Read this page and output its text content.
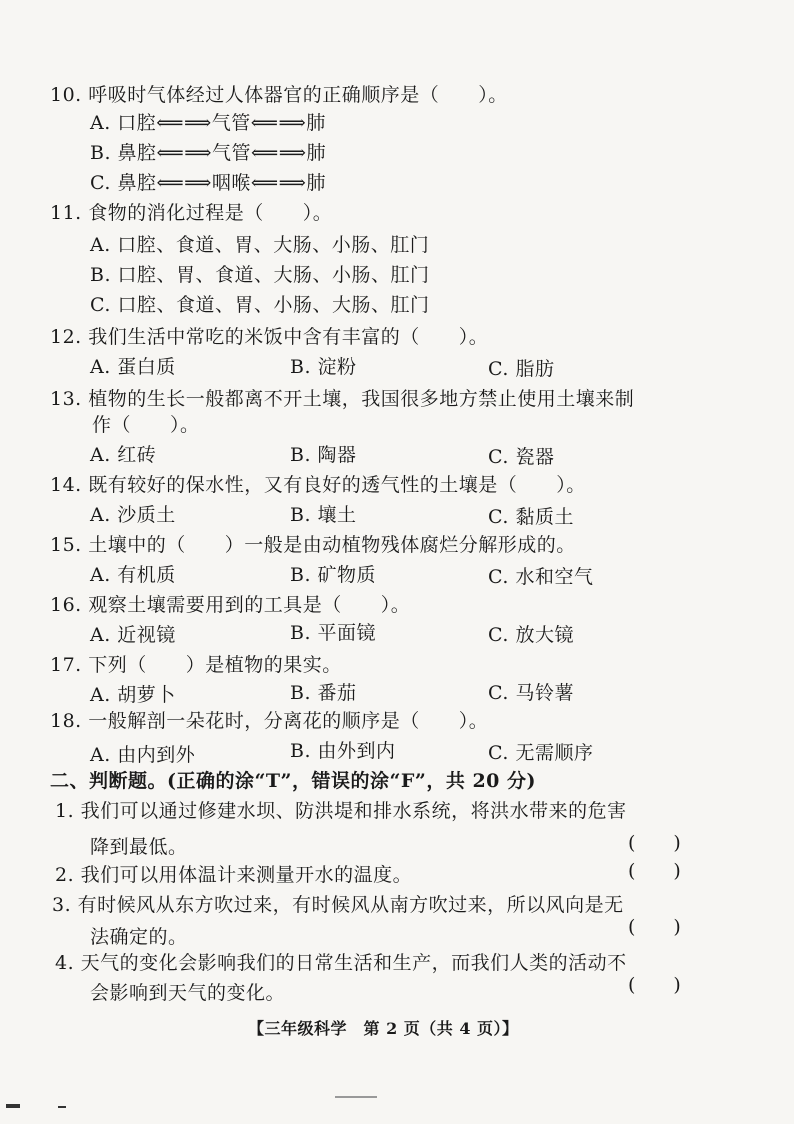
10. 呼吸时气体经过人体器官的正确顺序是（　　）。
A. 口腔⟸⟹气管⟸⟹肺
B. 鼻腔⟸⟹气管⟸⟹肺
C. 鼻腔⟸⟹咽喉⟸⟹肺
11. 食物的消化过程是（　　）。
A. 口腔、食道、胃、大肠、小肠、肛门
B. 口腔、胃、食道、大肠、小肠、肛门
C. 口腔、食道、胃、小肠、大肠、肛门
12. 我们生活中常吃的米饭中含有丰富的（　　）。
A. 蛋白质	B. 淀粉	C. 脂肪
13. 植物的生长一般都离不开土壤，我国很多地方禁止使用土壤来制
作（　　）。
A. 红砖	B. 陶器	C. 瓷器
14. 既有较好的保水性，又有良好的透气性的土壤是（　　）。
A. 沙质土	B. 壤土	C. 黏质土
15. 土壤中的（　　）一般是由动植物残体腐烂分解形成的。
A. 有机质	B. 矿物质	C. 水和空气
16. 观察土壤需要用到的工具是（　　）。
A. 近视镜	B. 平面镜	C. 放大镜
17. 下列（　　）是植物的果实。
A. 胡萝卜	B. 番茄	C. 马铃薯
18. 一般解剖一朵花时，分离花的顺序是（　　）。
A. 由内到外	B. 由外到内	C. 无需顺序
二、判断题。(正确的涂“T”，错误的涂“F”，共 20 分)
1. 我们可以通过修建水坝、防洪堤和排水系统，将洪水带来的危害
降到最低。	(　　)
2. 我们可以用体温计来测量开水的温度。	(　　)
3. 有时候风从东方吹过来，有时候风从南方吹过来，所以风向是无
法确定的。	(　　)
4. 天气的变化会影响我们的日常生活和生产，而我们人类的活动不
会影响到天气的变化。	(　　)
【三年级科学　第 2 页（共 4 页）】
